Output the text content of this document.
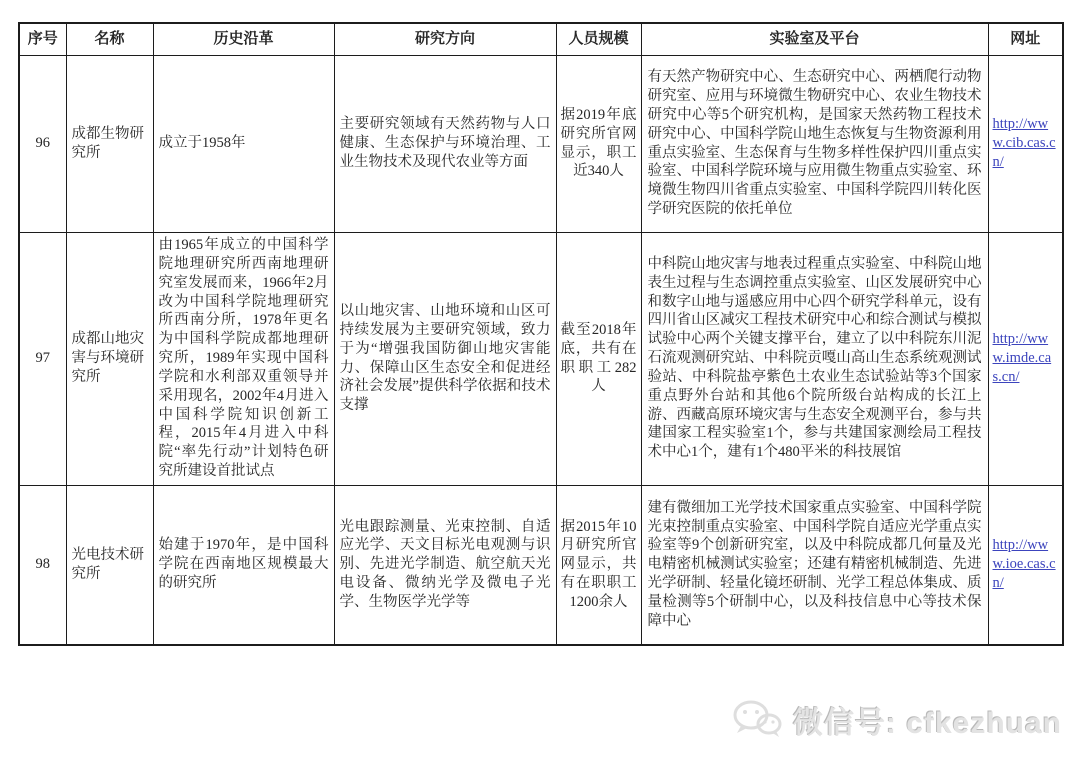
序号	名称	历史沿革	研究方向	人员规模	实验室及平台	网址
96	成都生物研究所	成立于1958年	主要研究领域有天然药物与人口健康、生态保护与环境治理、工业生物技术及现代农业等方面	据2019年底研究所官网显示，职工近340人	有天然产物研究中心、生态研究中心、两栖爬行动物研究室、应用与环境微生物研究中心、农业生物技术研究中心等5个研究机构，是国家天然药物工程技术研究中心、中国科学院山地生态恢复与生物资源利用重点实验室、生态保育与生物多样性保护四川重点实验室、中国科学院环境与应用微生物重点实验室、环境微生物四川省重点实验室、中国科学院四川转化医学研究医院的依托单位	http://www.cib.cas.cn/
97	成都山地灾害与环境研究所	由1965年成立的中国科学院地理研究所西南地理研究室发展而来，1966年2月改为中国科学院地理研究所西南分所，1978年更名为中国科学院成都地理研究所，1989年实现中国科学院和水利部双重领导并采用现名，2002年4月进入中国科学院知识创新工程，2015年4月进入中科院“率先行动”计划特色研究所建设首批试点	以山地灾害、山地环境和山区可持续发展为主要研究领域，致力于为“增强我国防御山地灾害能力、保障山区生态安全和促进经济社会发展”提供科学依据和技术支撑	截至2018年底，共有在职职工282人	中科院山地灾害与地表过程重点实验室、中科院山地表生过程与生态调控重点实验室、山区发展研究中心和数字山地与遥感应用中心四个研究学科单元，设有四川省山区减灾工程技术研究中心和综合测试与模拟试验中心两个关键支撑平台，建立了以中科院东川泥石流观测研究站、中科院贡嘎山高山生态系统观测试验站、中科院盐亭紫色土农业生态试验站等3个国家重点野外台站和其他6个院所级台站构成的长江上游、西藏高原环境灾害与生态安全观测平台，参与共建国家工程实验室1个，参与共建国家测绘局工程技术中心1个，建有1个480平米的科技展馆	http://www.imde.cas.cn/
98	光电技术研究所	始建于1970年，是中国科学院在西南地区规模最大的研究所	光电跟踪测量、光束控制、自适应光学、天文目标光电观测与识别、先进光学制造、航空航天光电设备、微纳光学及微电子光学、生物医学光学等	据2015年10月研究所官网显示，共有在职职工1200余人	建有微细加工光学技术国家重点实验室、中国科学院光束控制重点实验室、中国科学院自适应光学重点实验室等9个创新研究室，以及中科院成都几何量及光电精密机械测试实验室；还建有精密机械制造、先进光学研制、轻量化镜坯研制、光学工程总体集成、质量检测等5个研制中心，以及科技信息中心等技术保障中心	http://www.ioe.cas.cn/
微信号: cfkezhuan
